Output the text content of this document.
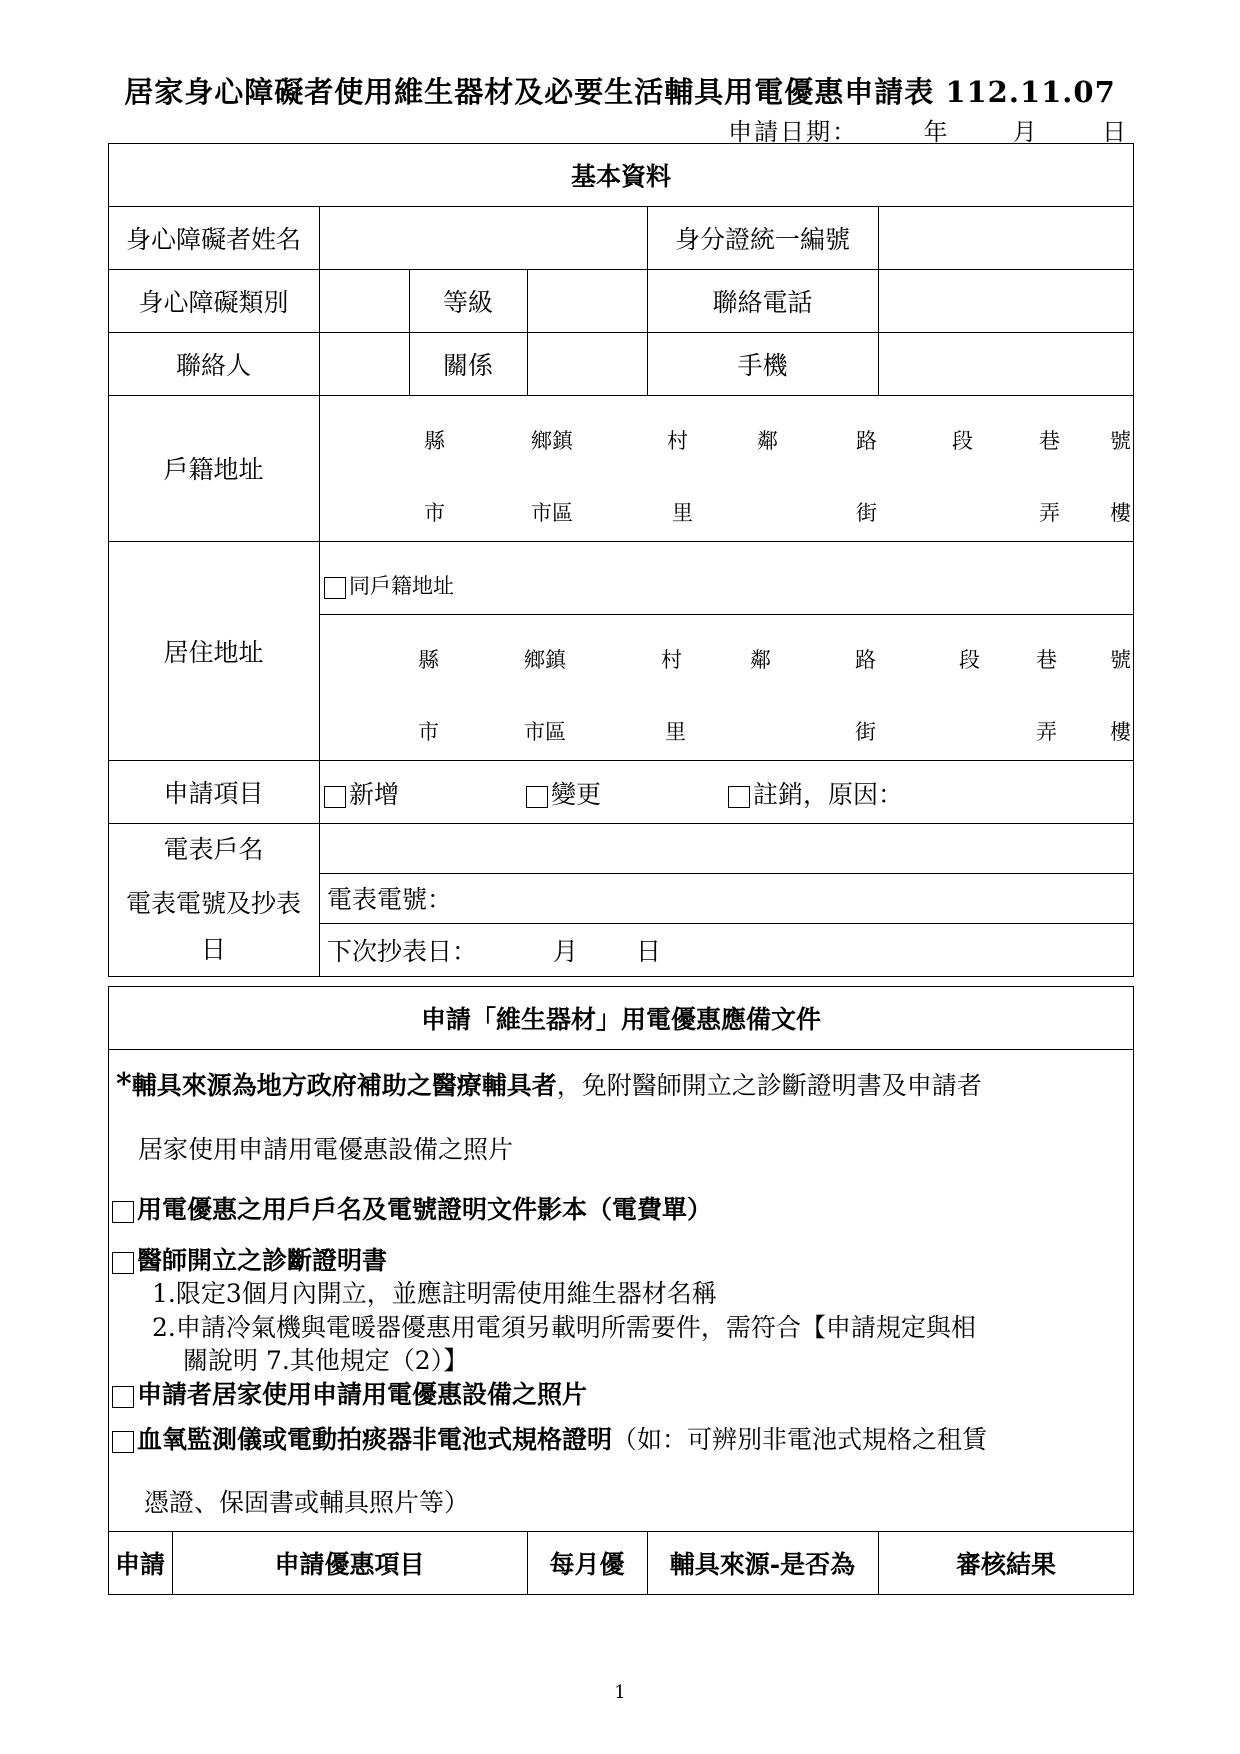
居家身心障礙者使用維生器材及必要生活輔具用電優惠申請表 112.11.07
申請日期：	年	月	日
基本資料
身心障礙者姓名	身分證統一編號
身心障礙類別	等級	聯絡電話
聯絡人	關係	手機
戶籍地址
縣	鄉鎮	村	鄰	路	段	巷 號
市	市區	里	街	弄 樓
居住地址
同戶籍地址
縣	鄉鎮	村	鄰	路	段	巷	號
市	市區	里	街	弄	樓
申請項目	新增	變更	註銷，原因：
電表戶名
電表電號及抄表
日
電表電號：
下次抄表日：	月 日
申請「維生器材」用電優惠應備文件
*輔具來源為地方政府補助之醫療輔具者，免附醫師開立之診斷證明書及申請者
居家使用申請用電優惠設備之照片
用電優惠之用戶戶名及電號證明文件影本（電費單）
醫師開立之診斷證明書
1.限定3個月內開立，並應註明需使用維生器材名稱
2.申請冷氣機與電暖器優惠用電須另載明所需要件，需符合【申請規定與相
關說明 7.其他規定（2）】
申請者居家使用申請用電優惠設備之照片
血氧監測儀或電動拍痰器非電池式規格證明（如：可辨別非電池式規格之租賃
憑證、保固書或輔具照片等）
申請	申請優惠項目	每月優	輔具來源-是否為	審核結果
1
